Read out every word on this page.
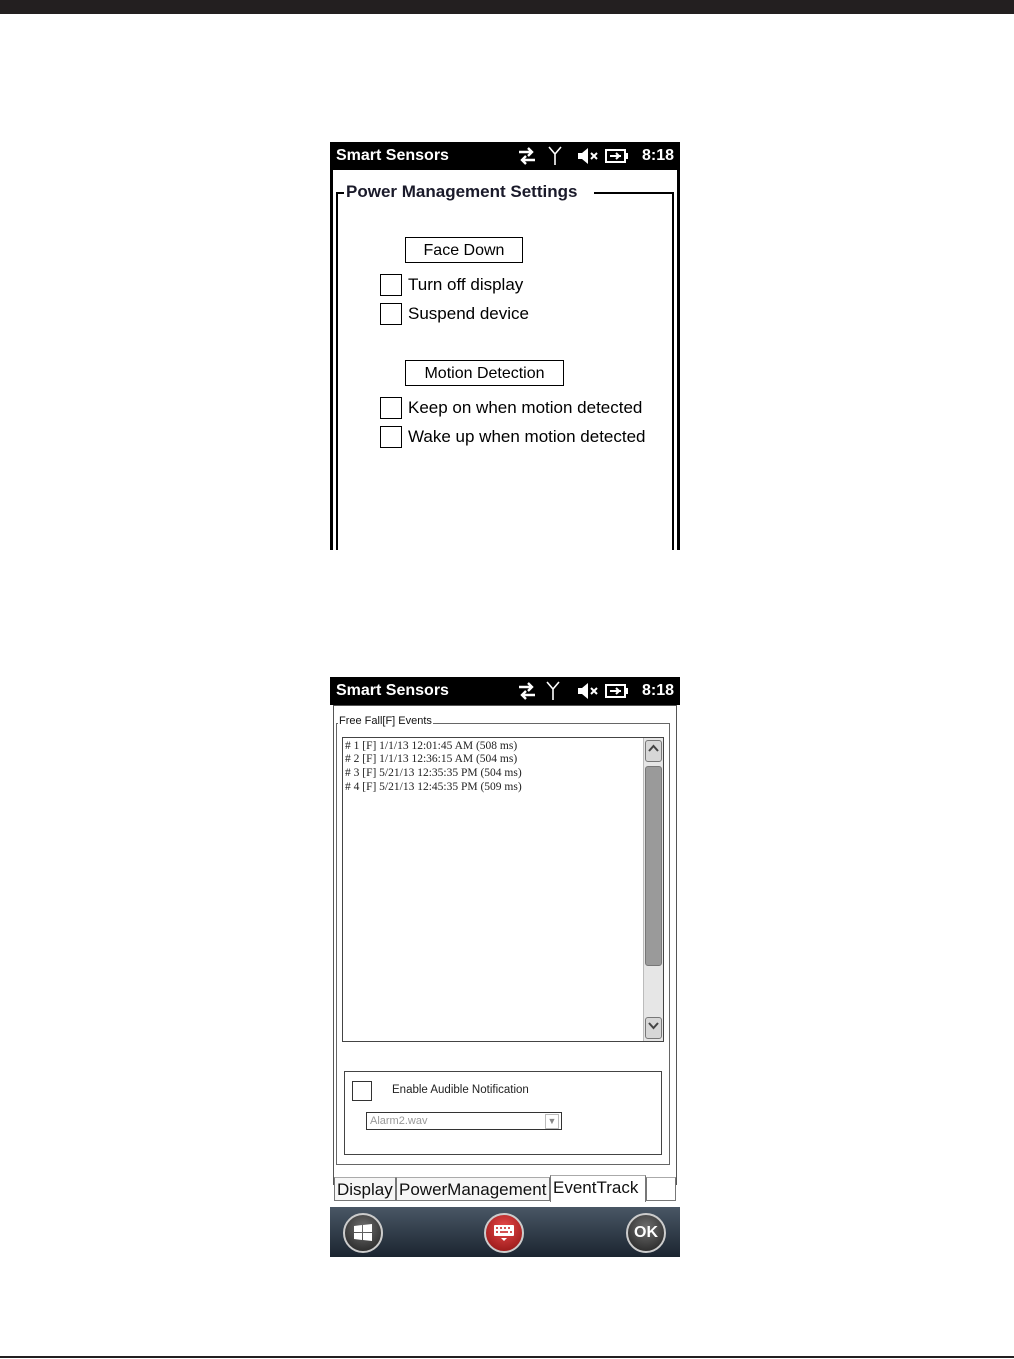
Smart Sensors	8:18
Power Management Settings
Face Down
Turn off display
Suspend device
Motion Detection
Keep on when motion detected
Wake up when motion detected
Smart Sensors	8:18
Free Fall[F] Events
# 1 [F] 1/1/13 12:01:45 AM (508 ms)
# 2 [F] 1/1/13 12:36:15 AM (504 ms)
# 3 [F] 5/21/13 12:35:35 PM (504 ms)
# 4 [F] 5/21/13 12:45:35 PM (509 ms)
Enable Audible Notification
Alarm2.wav	▼
Display PowerManagement EventTrack
OK
